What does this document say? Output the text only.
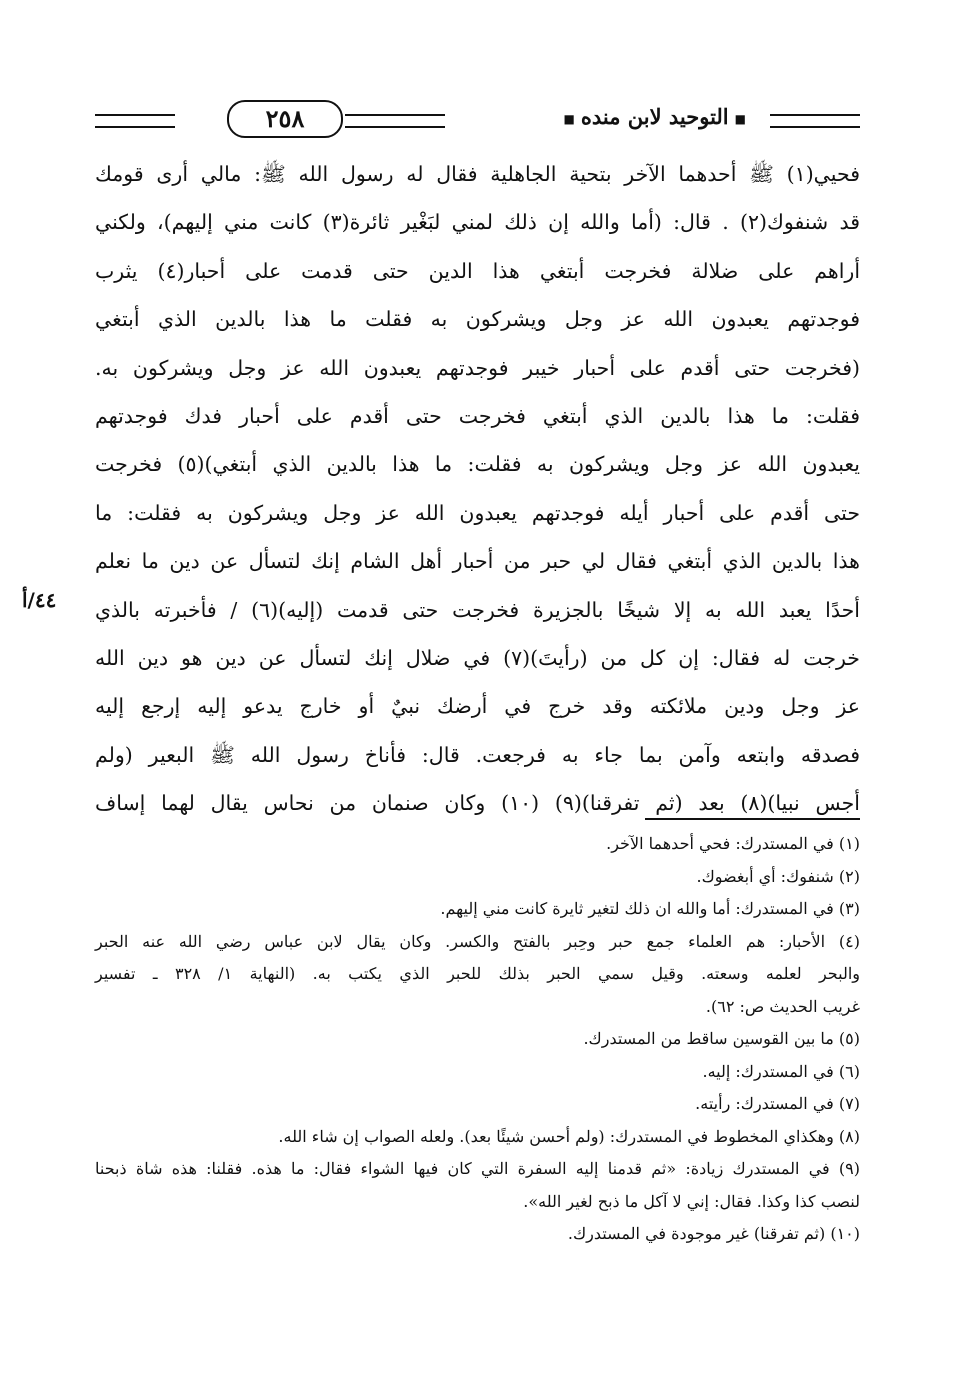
■التوحيد لابن منده■
٢٥٨
فحيي(١) ﷺ أحدهما الآخر بتحية الجاهلية فقال له رسول الله ﷺ: مالي أرى قومك
قد شنفوك(٢) . قال: (أما والله إن ذلك لمني لبَغْير ثائرة(٣) كانت مني إليهم)، ولكني
أراهم على ضلالة فخرجت أبتغي هذا الدين حتى قدمت على أحبار(٤) يثرب
فوجدتهم يعبدون الله عز وجل ويشركون به فقلت ما هذا بالدين الذي أبتغي
(فخرجت حتى أقدم على أحبار خيبر فوجدتهم يعبدون الله عز وجل ويشركون به.
فقلت: ما هذا بالدين الذي أبتغي فخرجت حتى أقدم على أحبار فدك فوجدتهم
يعبدون الله عز وجل ويشركون به فقلت: ما هذا بالدين الذي أبتغي)(٥) فخرجت
حتى أقدم على أحبار أيله فوجدتهم يعبدون الله عز وجل ويشركون به فقلت: ما
هذا بالدين الذي أبتغي فقال لي حبر من أحبار أهل الشام إنك لتسأل عن دين ما نعلم
أحدًا يعبد الله به إلا شيخًا بالجزيرة فخرجت حتى قدمت (إليه)(٦) / فأخبرته بالذي
خرجت له فقال: إن كل من (رأيتَ)(٧) في ضلال إنك لتسأل عن دين هو دين الله
عز وجل ودين ملائكته وقد خرج في أرضك نبيٌ أو خارج يدعو إليه إرجع إليه
فصدقه وابتعه وآمن بما جاء به فرجعت. قال: فأناخ رسول الله ﷺ البعير (ولم
أجس نبيا)(٨) بعد (ثم تفرقنا)(٩) (١٠) وكان صنمان من نحاس يقال لهما إساف
٤٤/أ

(١) في المستدرك: فحي أحدهما الآخر.

(٢) شنفوك: أي أبغضوك.

(٣) في المستدرك: أما والله ان ذلك لتغير ثايرة كانت مني إليهم.

(٤) الأحبار: هم العلماء جمع حبر وحِبر بالفتح والكسر. وكان يقال لابن عباس رضي الله عنه الحبر

والبحر لعلمه وسعته. وقيل سمي الحبر بذلك للحبر الذي يكتب به. (النهاية ١/ ٣٢٨ ـ تفسير

غريب الحديث ص: ٦٢).

(٥) ما بين القوسين ساقط من المستدرك.

(٦) في المستدرك: إليه.

(٧) في المستدرك: رأيته.

(٨) وهكذاي المخطوط في المستدرك: (ولم أحسن شيئًا بعد). ولعله الصواب إن شاء الله.

(٩) في المستدرك زيادة: «ثم قدمنا إليه السفرة التي كان فيها الشواء فقال: ما هذه. فقلنا: هذه شاة ذبحنا

لنصب كذا وكذا. فقال: إني لا آكل ما ذبح لغير الله».

(١٠) (ثم تفرقنا) غير موجودة في المستدرك.
